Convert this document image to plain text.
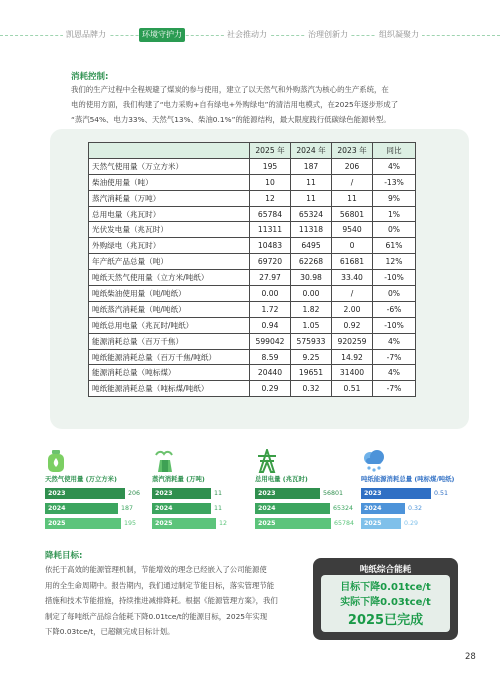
凯恩品牌力	环境守护力	社会推动力	治理创新力	组织凝聚力
消耗控制:
我们的生产过程中全程规避了煤炭的参与使用，建立了以天然气和外购蒸汽为核心的生产系统，在
电的使用方面，我们构建了“电力采购+自有绿电+外购绿电”的清洁用电模式，在2025年逐步形成了
“蒸汽54%、电力33%、天然气13%、柴油0.1%”的能源结构，最大限度践行低碳绿色能源转型。
	2025 年	2024 年	2023 年	同比
天然气使用量（万立方米）	195	187	206	4%
柴油使用量（吨）	10	11	/	-13%
蒸汽消耗量（万吨）	12	11	11	9%
总用电量（兆瓦时）	65784	65324	56801	1%
光伏发电量（兆瓦时）	11311	11318	9540	0%
外购绿电（兆瓦时）	10483	6495	0	61%
年产纸产品总量（吨）	69720	62268	61681	12%
吨纸天然气使用量（立方米/吨纸）	27.97	30.98	33.40	-10%
吨纸柴油使用量（吨/吨纸）	0.00	0.00	/	0%
吨纸蒸汽消耗量（吨/吨纸）	1.72	1.82	2.00	-6%
吨纸总用电量（兆瓦时/吨纸）	0.94	1.05	0.92	-10%
能源消耗总量（百万千焦）	599042	575933	920259	4%
吨纸能源消耗总量（百万千焦/吨纸）	8.59	9.25	14.92	-7%
能源消耗总量（吨标煤）	20440	19651	31400	4%
吨纸能源消耗总量（吨标煤/吨纸）	0.29	0.32	0.51	-7%
天然气使用量 (万立方米)
2023	206
2024	187
2025	195
蒸汽消耗量 (万吨)
2023	11
2024	11
2025	12
总用电量 (兆瓦时)
2023	56801
2024	65324
2025	65784
吨纸能源消耗总量 (吨标煤/吨纸)
2023	0.51
2024	0.32
2025	0.29
降耗目标:
依托于高效的能源管理机制，节能增效的理念已经嵌入了公司能源使
用的全生命周期中。报告期内，我们通过制定节能目标，落实管理节能
措施和技术节能措施，持续推进减排降耗。根据《能源管理方案》，我们
制定了每吨纸产品综合能耗下降0.01tce/t的能源目标，2025年实现
下降0.03tce/t，已超额完成目标计划。
吨纸综合能耗
目标下降0.01tce/t
实际下降0.03tce/t
2025已完成
28
